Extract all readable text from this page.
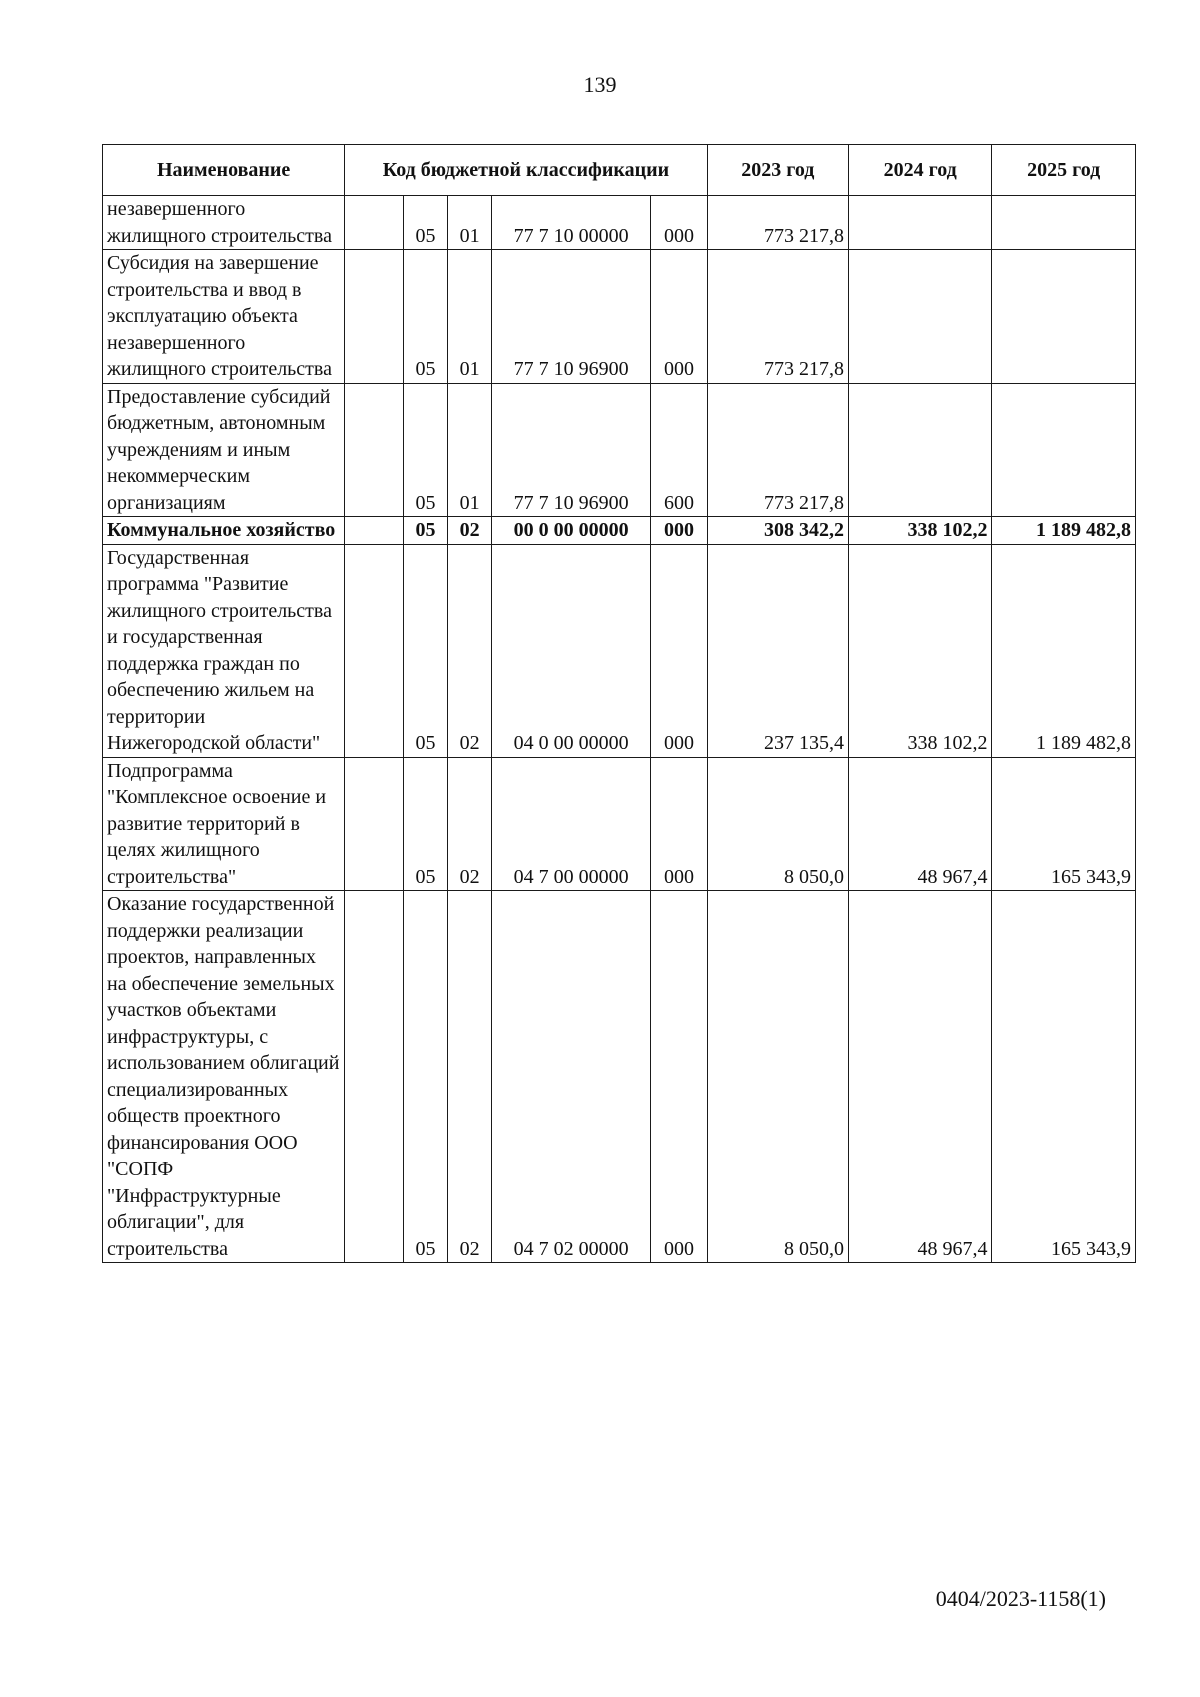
139
Наименование	Код бюджетной классификации					2023 год	2024 год	2025 год
незавершенного жилищного строительства		05	01	77 7 10 00000	000	773 217,8		
Субсидия на завершение строительства и ввод в эксплуатацию объекта незавершенного жилищного строительства		05	01	77 7 10 96900	000	773 217,8		
Предоставление субсидий бюджетным, автономным учреждениям и иным некоммерческим организациям		05	01	77 7 10 96900	600	773 217,8		
Коммунальное хозяйство		05	02	00 0 00 00000	000	308 342,2	338 102,2	1 189 482,8
Государственная программа "Развитие жилищного строительства и государственная поддержка граждан по обеспечению жильем на территории Нижегородской области"		05	02	04 0 00 00000	000	237 135,4	338 102,2	1 189 482,8
Подпрограмма "Комплексное освоение и развитие территорий в целях жилищного строительства"		05	02	04 7 00 00000	000	8 050,0	48 967,4	165 343,9
Оказание государственной поддержки реализации проектов, направленных на обеспечение земельных участков объектами инфраструктуры, с использованием облигаций специализированных обществ проектного финансирования ООО "СОПФ "Инфраструктурные облигации", для строительства		05	02	04 7 02 00000	000	8 050,0	48 967,4	165 343,9
0404/2023-1158(1)
